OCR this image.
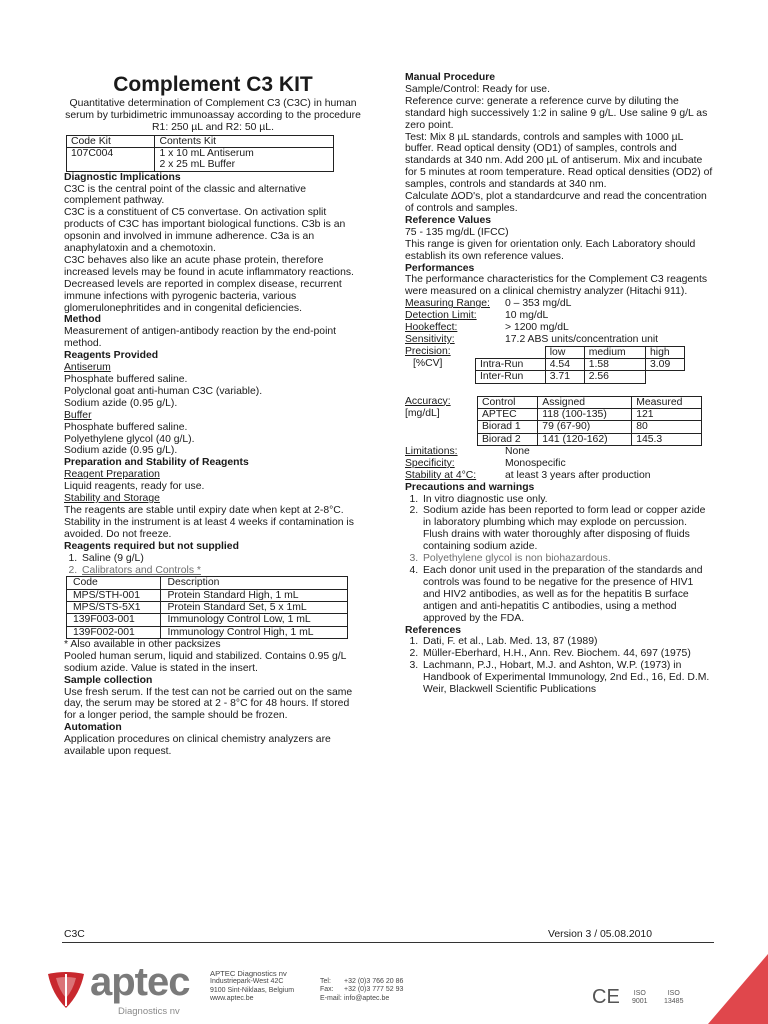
Complement C3 KIT

Quantitative determination of Complement C3 (C3C) in human serum by turbidimetric immunoassay according to the procedure R1: 250 µL and R2: 50 µL.

Code Kit	Contents Kit
107C004	1 x 10 mL Antiserum
2 x 25 mL Buffer

Diagnostic Implications

C3C is the central point of the classic and alternative complement pathway.

C3C is a constituent of C5 convertase. On activation split products of C3C has important biological functions. C3b is an opsonin and involved in immune adherence. C3a is an anaphylatoxin and a chemotoxin.

C3C behaves also like an acute phase protein, therefore increased levels may be found in acute inflammatory reactions.

Decreased levels are reported in complex disease, recurrent immune infections with pyrogenic bacteria, various glomerulonephritides and in congenital deficiencies.

Method

Measurement of antigen-antibody reaction by the end-point method.

Reagents Provided

Antiserum

Phosphate buffered saline.

Polyclonal goat anti-human C3C (variable).

Sodium azide (0.95 g/L).

Buffer

Phosphate buffered saline.

Polyethylene glycol (40 g/L).

Sodium azide (0.95 g/L).

Preparation and Stability of Reagents

Reagent Preparation

Liquid reagents, ready for use.

Stability and Storage

The reagents are stable until expiry date when kept at 2-8°C. Stability in the instrument is at least 4 weeks if contamination is avoided. Do not freeze.

Reagents required but not supplied

1. Saline (9 g/L)
2. Calibrators and Controls *
Code	Description
MPS/STH-001	Protein Standard High, 1 mL
MPS/STS-5X1	Protein Standard Set, 5 x 1mL
139F003-001	Immunology Control Low, 1 mL
139F002-001	Immunology Control High, 1 mL

* Also available in other packsizes

Pooled human serum, liquid and stabilized. Contains 0.95 g/L sodium azide. Value is stated in the insert.

Sample collection

Use fresh serum. If the test can not be carried out on the same day, the serum may be stored at 2 - 8°C for 48 hours. If stored for a longer period, the sample should be frozen.

Automation

Application procedures on clinical chemistry analyzers are available upon request.

Manual Procedure

Sample/Control: Ready for use.

Reference curve: generate a reference curve by diluting the standard high successively 1:2 in saline 9 g/L. Use saline 9 g/L as zero point.

Test: Mix 8 µL standards, controls and samples with 1000 µL buffer. Read optical density (OD1) of samples, controls and standards at 340 nm. Add 200 µL of antiserum. Mix and incubate for 5 minutes at room temperature. Read optical densities (OD2) of samples, controls and standards at 340 nm.

Calculate ∆OD's, plot a standardcurve and read the concentration of controls and samples.

Reference Values

75 - 135 mg/dL (IFCC)

This range is given for orientation only. Each Laboratory should establish its own reference values.

Performances

The performance characteristics for the Complement C3 reagents were measured on a clinical chemistry analyzer (Hitachi 911).

Measuring Range:	0 – 353 mg/dL
Detection Limit:	10 mg/dL
Hookeffect:	> 1200 mg/dL
Sensitivity:	17.2 ABS units/concentration unit
Precision:
[%CV]
	low	medium	high
Intra-Run	4.54	1.58	3.09
Inter-Run	3.71	2.56	
Accuracy:
[mg/dL]
Control	Assigned	Measured
APTEC	118 (100-135)	121
Biorad 1	79 (67-90)	80
Biorad 2	141 (120-162)	145.3
Limitations:	None
Specificity:	Monospecific
Stability at 4°C:	at least 3 years after production

Precautions and warnings

1. In vitro diagnostic use only.
2. Sodium azide has been reported to form lead or copper azide in laboratory plumbing which may explode on percussion. Flush drains with water thoroughly after disposing of fluids containing sodium azide.
3. Polyethylene glycol is non biohazardous.
4. Each donor unit used in the preparation of the standards and controls was found to be negative for the presence of HIV1 and HIV2 antibodies, as well as for the hepatitis B surface antigen and anti-hepatitis C antibodies, using a method approved by the FDA.

References

1. Dati, F. et al., Lab. Med. 13, 87 (1989)
2. Müller-Eberhard, H.H., Ann. Rev. Biochem. 44, 697 (1975)
3. Lachmann, P.J., Hobart, M.J. and Ashton, W.P. (1973) in Handbook of Experimental Immunology, 2nd Ed., 16, Ed. D.M. Weir, Blackwell Scientific Publications
C3C	Version 3 / 05.08.2010
aptec
Diagnostics nv
APTEC Diagnostics nv
Industriepark-West 42C
9100 Sint-Niklaas, Belgium
www.aptec.be
Tel: +32 (0)3 766 20 86
Fax: +32 (0)3 777 52 93
E-mail: info@aptec.be	CE ISO
9001
ISO
13485
